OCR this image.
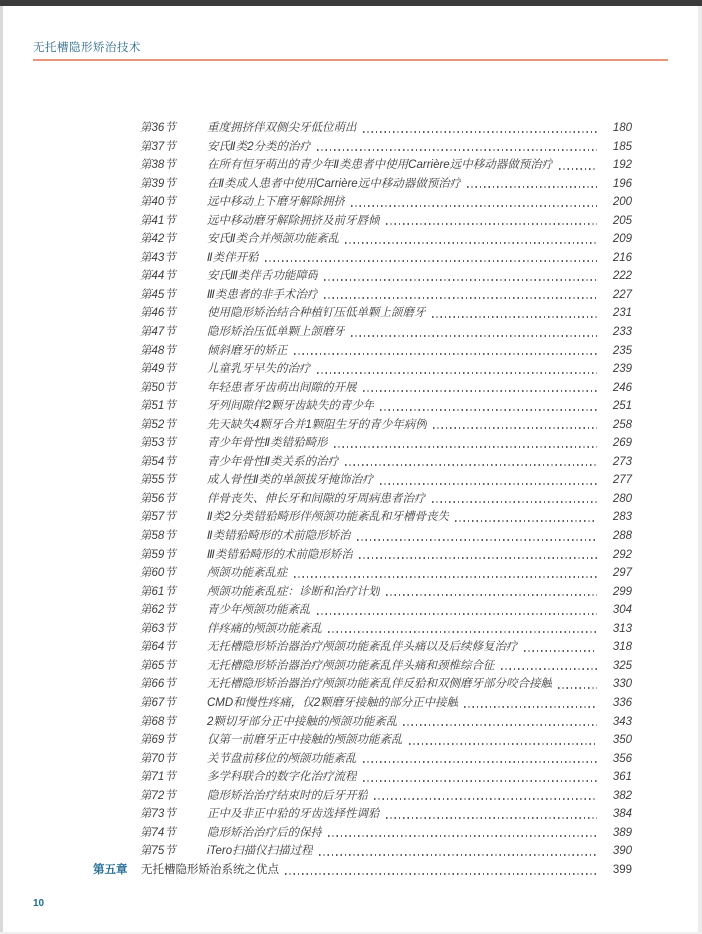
无托槽隐形矫治技术
第36节	重度拥挤伴双侧尖牙低位萌出	180
第37节	安氏Ⅱ类2分类的治疗	185
第38节	在所有恒牙萌出的青少年Ⅱ类患者中使用Carrière远中移动器做预治疗	192
第39节	在Ⅱ类成人患者中使用Carrière远中移动器做预治疗	196
第40节	远中移动上下磨牙解除拥挤	200
第41节	远中移动磨牙解除拥挤及前牙唇倾	205
第42节	安氏Ⅱ类合并颅颌功能紊乱	209
第43节	Ⅱ类伴开𬌗	216
第44节	安氏Ⅲ类伴舌功能障碍	222
第45节	Ⅲ类患者的非手术治疗	227
第46节	使用隐形矫治结合种植钉压低单颗上颌磨牙	231
第47节	隐形矫治压低单颗上颌磨牙	233
第48节	倾斜磨牙的矫正	235
第49节	儿童乳牙早失的治疗	239
第50节	年轻患者牙齿萌出间隙的开展	246
第51节	牙列间隙伴2颗牙齿缺失的青少年	251
第52节	先天缺失4颗牙合并1颗阻生牙的青少年病例	258
第53节	青少年骨性Ⅱ类错𬌗畸形	269
第54节	青少年骨性Ⅱ类关系的治疗	273
第55节	成人骨性Ⅱ类的单颌拔牙掩饰治疗	277
第56节	伴骨丧失、伸长牙和间隙的牙周病患者治疗	280
第57节	Ⅱ类2分类错𬌗畸形伴颅颌功能紊乱和牙槽骨丧失	283
第58节	Ⅱ类错𬌗畸形的术前隐形矫治	288
第59节	Ⅲ类错𬌗畸形的术前隐形矫治	292
第60节	颅颌功能紊乱症	297
第61节	颅颌功能紊乱症：诊断和治疗计划	299
第62节	青少年颅颌功能紊乱	304
第63节	伴疼痛的颅颌功能紊乱	313
第64节	无托槽隐形矫治器治疗颅颌功能紊乱伴头痛以及后续修复治疗	318
第65节	无托槽隐形矫治器治疗颅颌功能紊乱伴头痛和颈椎综合征	325
第66节	无托槽隐形矫治器治疗颅颌功能紊乱伴反𬌗和双侧磨牙部分咬合接触	330
第67节	CMD和慢性疼痛，仅2颗磨牙接触的部分正中接触	336
第68节	2颗切牙部分正中接触的颅颌功能紊乱	343
第69节	仅第一前磨牙正中接触的颅颌功能紊乱	350
第70节	关节盘前移位的颅颌功能紊乱	356
第71节	多学科联合的数字化治疗流程	361
第72节	隐形矫治治疗结束时的后牙开𬌗	382
第73节	正中及非正中𬌗的牙齿选择性调𬌗	384
第74节	隐形矫治治疗后的保持	389
第75节	iTero扫描仪扫描过程	390
第五章	无托槽隐形矫治系统之优点	399
10
